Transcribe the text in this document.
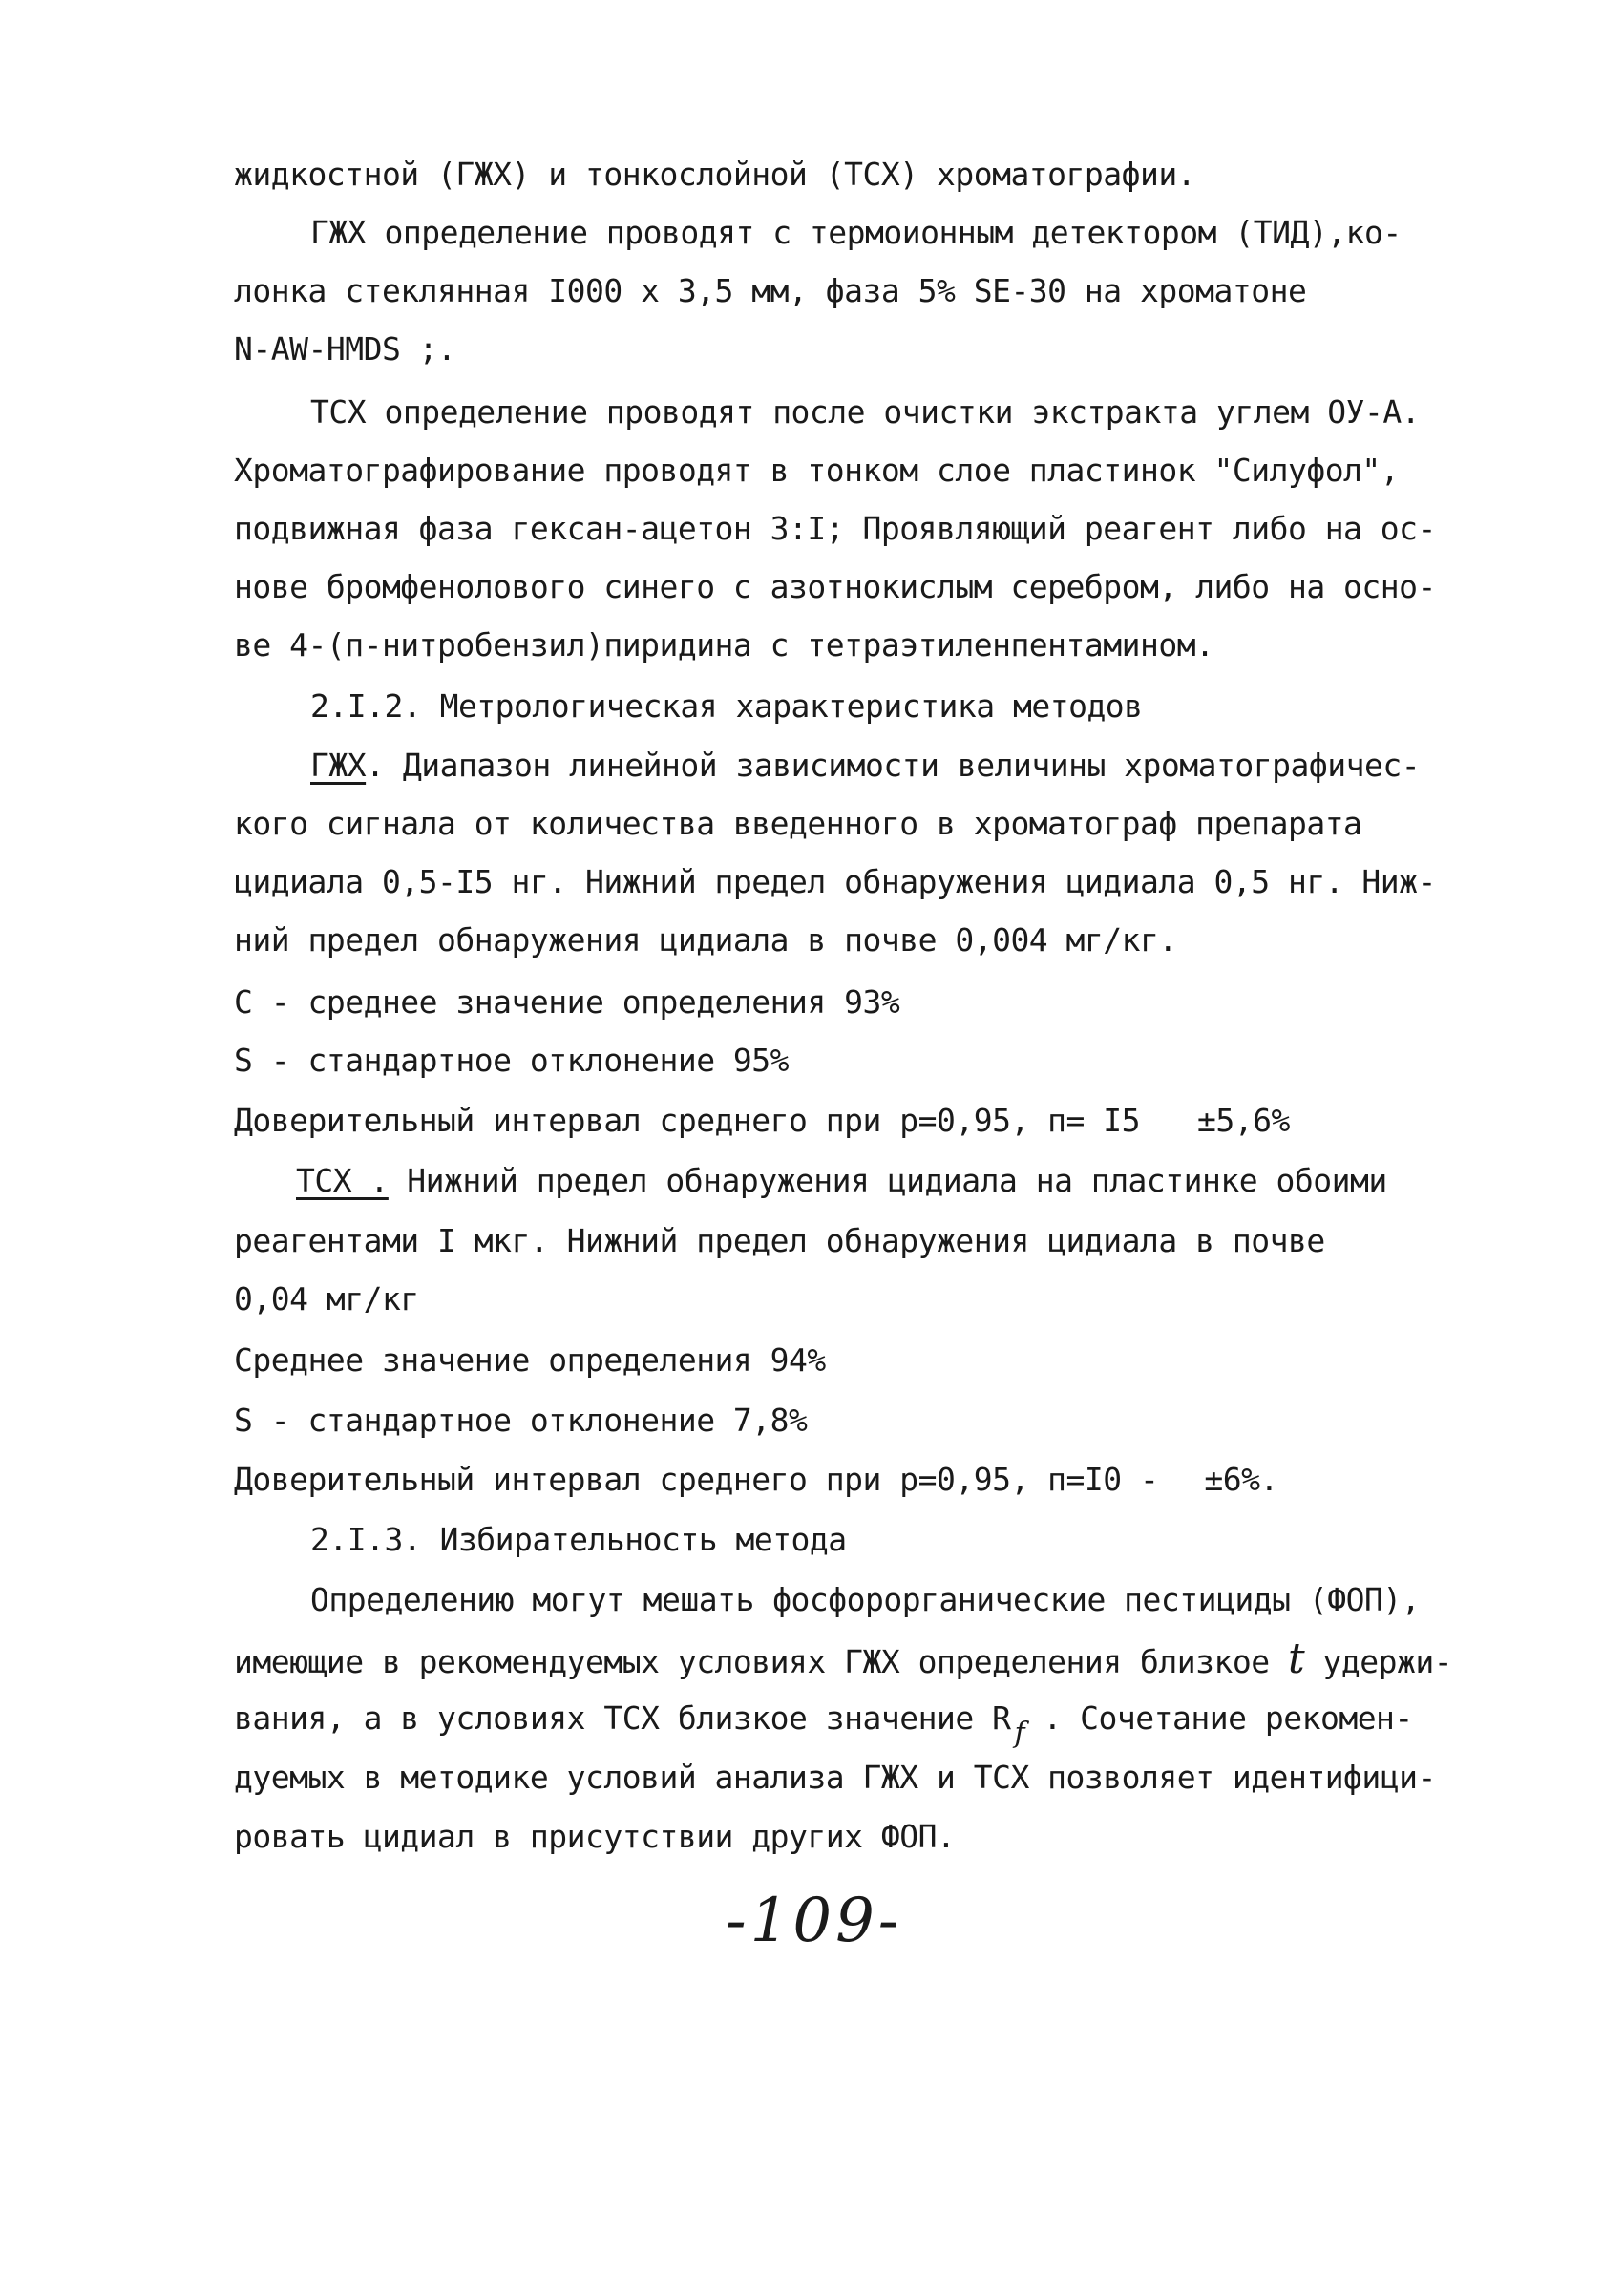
жидкостной (ГЖХ) и тонкослойной (ТСХ) хроматографии.
ГЖХ определение проводят с термоионным детектором (ТИД),ко-
лонка стеклянная I000 x 3,5 мм, фаза 5% SE-30 на хроматоне
N-AW-HMDS ;.
ТСХ определение проводят после очистки экстракта углем ОУ-А.
Хроматографирование проводят в тонком слое пластинок "Силуфол",
подвижная фаза гексан-ацетон 3:I; Проявляющий реагент либо на ос-
нове бромфенолового синего с азотнокислым серебром, либо на осно-
ве 4-(п-нитробензил)пиридина с тетраэтиленпентамином.
2.I.2. Метрологическая характеристика методов
ГЖХ. Диапазон линейной зависимости величины хроматографичес-
кого сигнала от количества введенного в хроматограф препарата
цидиала 0,5-I5 нг. Нижний предел обнаружения цидиала 0,5 нг. Ниж-
ний предел обнаружения цидиала в почве 0,004 мг/кг.
С - среднее значение определения 93%
S - стандартное отклонение 95%
Доверительный интервал среднего при р=0,95, п= I5 ±5,6%
ТСХ . Нижний предел обнаружения цидиала на пластинке обоими
реагентами I мкг. Нижний предел обнаружения цидиала в почве
0,04 мг/кг
Среднее значение определения 94%
S - стандартное отклонение 7,8%
Доверительный интервал среднего при р=0,95, п=I0 - ±6%.
2.I.3. Избирательность метода
Определению могут мешать фосфорорганические пестициды (ФОП),
имеющие в рекомендуемых условиях ГЖХ определения близкое t удержи-
вания, а в условиях ТСХ близкое значение R f . Сочетание рекомен-
дуемых в методике условий анализа ГЖХ и ТСХ позволяет идентифици-
ровать цидиал в присутствии других ФОП.
-109-
